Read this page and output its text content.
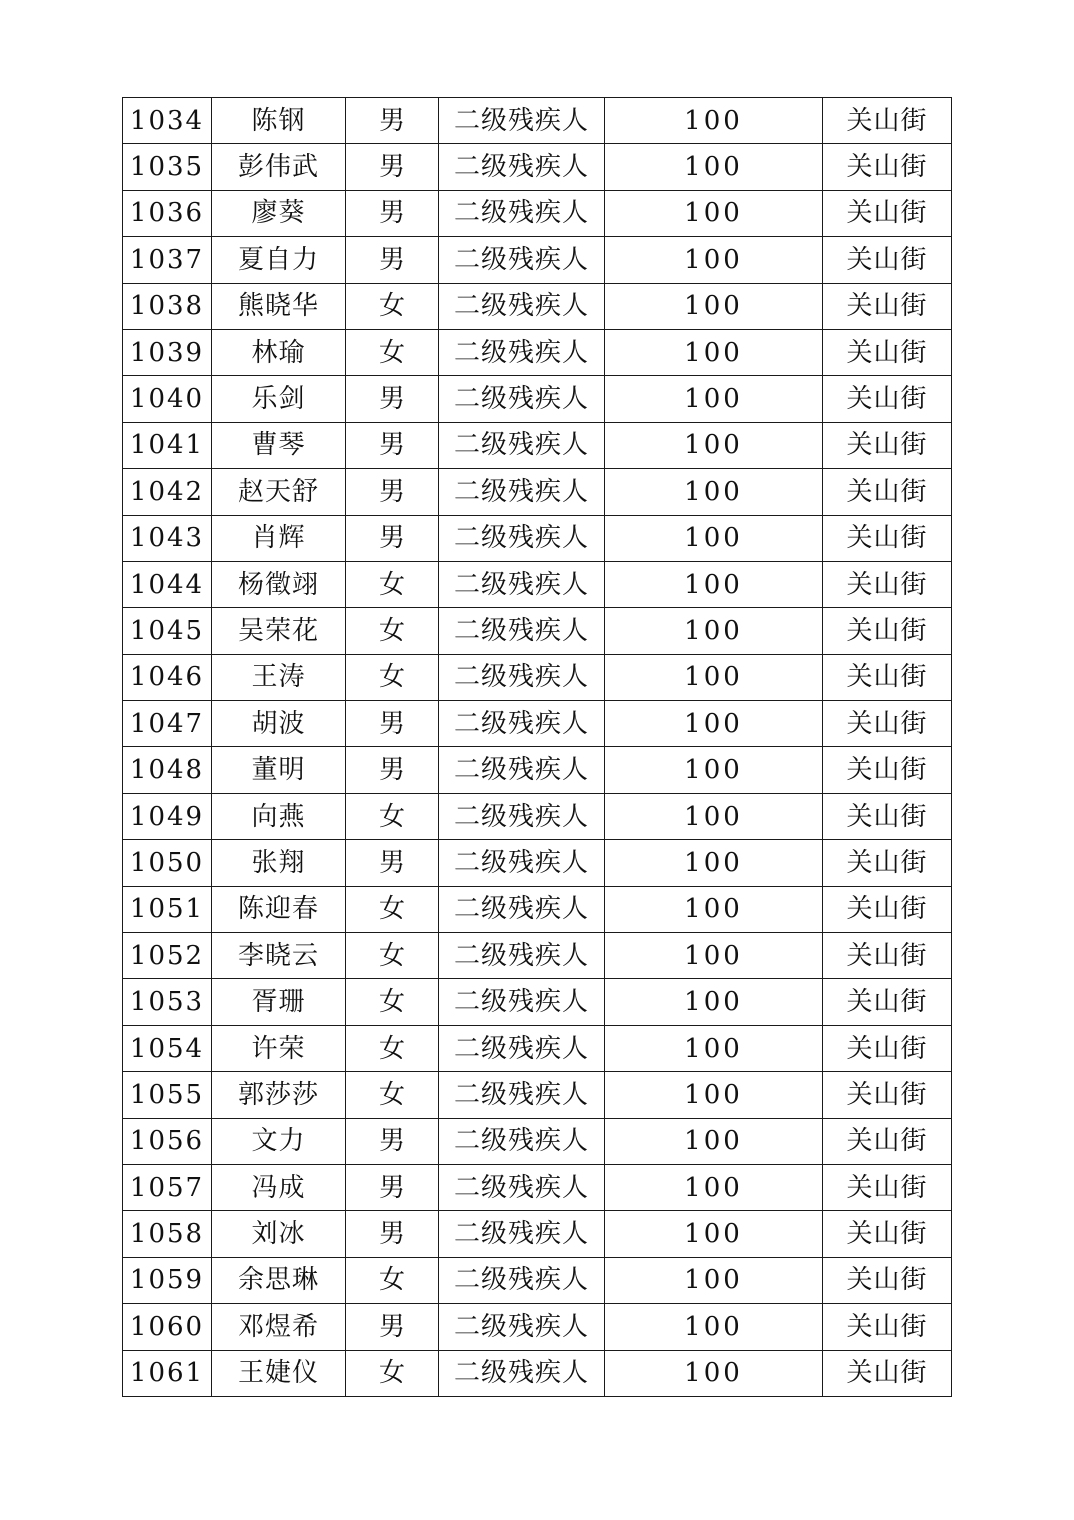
1034	陈钢	男	二级残疾人	100	关山街
1035	彭伟武	男	二级残疾人	100	关山街
1036	廖葵	男	二级残疾人	100	关山街
1037	夏自力	男	二级残疾人	100	关山街
1038	熊晓华	女	二级残疾人	100	关山街
1039	林瑜	女	二级残疾人	100	关山街
1040	乐剑	男	二级残疾人	100	关山街
1041	曹琴	男	二级残疾人	100	关山街
1042	赵天舒	男	二级残疾人	100	关山街
1043	肖辉	男	二级残疾人	100	关山街
1044	杨徵翊	女	二级残疾人	100	关山街
1045	吴荣花	女	二级残疾人	100	关山街
1046	王涛	女	二级残疾人	100	关山街
1047	胡波	男	二级残疾人	100	关山街
1048	董明	男	二级残疾人	100	关山街
1049	向燕	女	二级残疾人	100	关山街
1050	张翔	男	二级残疾人	100	关山街
1051	陈迎春	女	二级残疾人	100	关山街
1052	李晓云	女	二级残疾人	100	关山街
1053	胥珊	女	二级残疾人	100	关山街
1054	许荣	女	二级残疾人	100	关山街
1055	郭莎莎	女	二级残疾人	100	关山街
1056	文力	男	二级残疾人	100	关山街
1057	冯成	男	二级残疾人	100	关山街
1058	刘冰	男	二级残疾人	100	关山街
1059	余思琳	女	二级残疾人	100	关山街
1060	邓煜希	男	二级残疾人	100	关山街
1061	王婕仪	女	二级残疾人	100	关山街
